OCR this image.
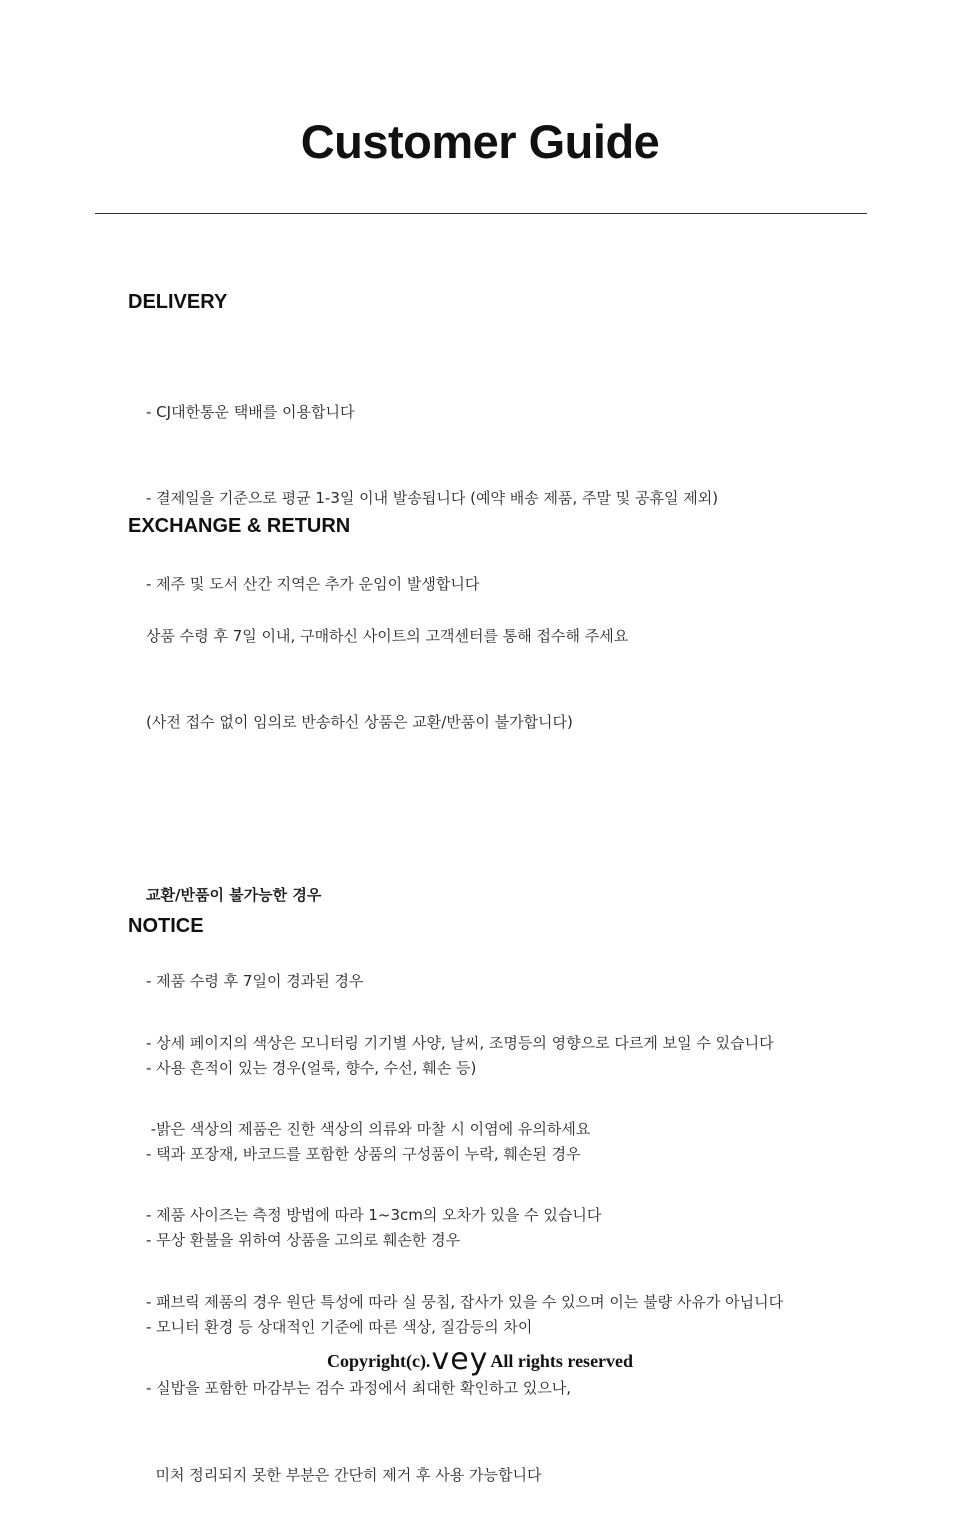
Customer Guide
DELIVERY

- CJ대한통운 택배를 이용합니다

- 결제일을 기준으로 평균 1-3일 이내 발송됩니다 (예약 배송 제품, 주말 및 공휴일 제외)

- 제주 및 도서 산간 지역은 추가 운임이 발생합니다

EXCHANGE & RETURN

상품 수령 후 7일 이내, 구매하신 사이트의 고객센터를 통해 접수해 주세요

(사전 접수 없이 임의로 반송하신 상품은 교환/반품이 불가합니다)

교환/반품이 불가능한 경우

- 제품 수령 후 7일이 경과된 경우

- 사용 흔적이 있는 경우(얼룩, 향수, 수선, 훼손 등)

- 택과 포장재, 바코드를 포함한 상품의 구성품이 누락, 훼손된 경우

- 무상 환불을 위하여 상품을 고의로 훼손한 경우

- 모니터 환경 등 상대적인 기준에 따른 색상, 질감등의 차이

NOTICE

- 상세 페이지의 색상은 모니터링 기기별 사양, 날씨, 조명등의 영향으로 다르게 보일 수 있습니다

-밝은 색상의 제품은 진한 색상의 의류와 마찰 시 이염에 유의하세요

- 제품 사이즈는 측정 방법에 따라 1~3cm의 오차가 있을 수 있습니다

- 패브릭 제품의 경우 원단 특성에 따라 실 뭉침, 잡사가 있을 수 있으며 이는 불량 사유가 아닙니다

- 실밥을 포함한 마감부는 검수 과정에서 최대한 확인하고 있으나,

미처 정리되지 못한 부분은 간단히 제거 후 사용 가능합니다

Copyright(c).vey All rights reserved
